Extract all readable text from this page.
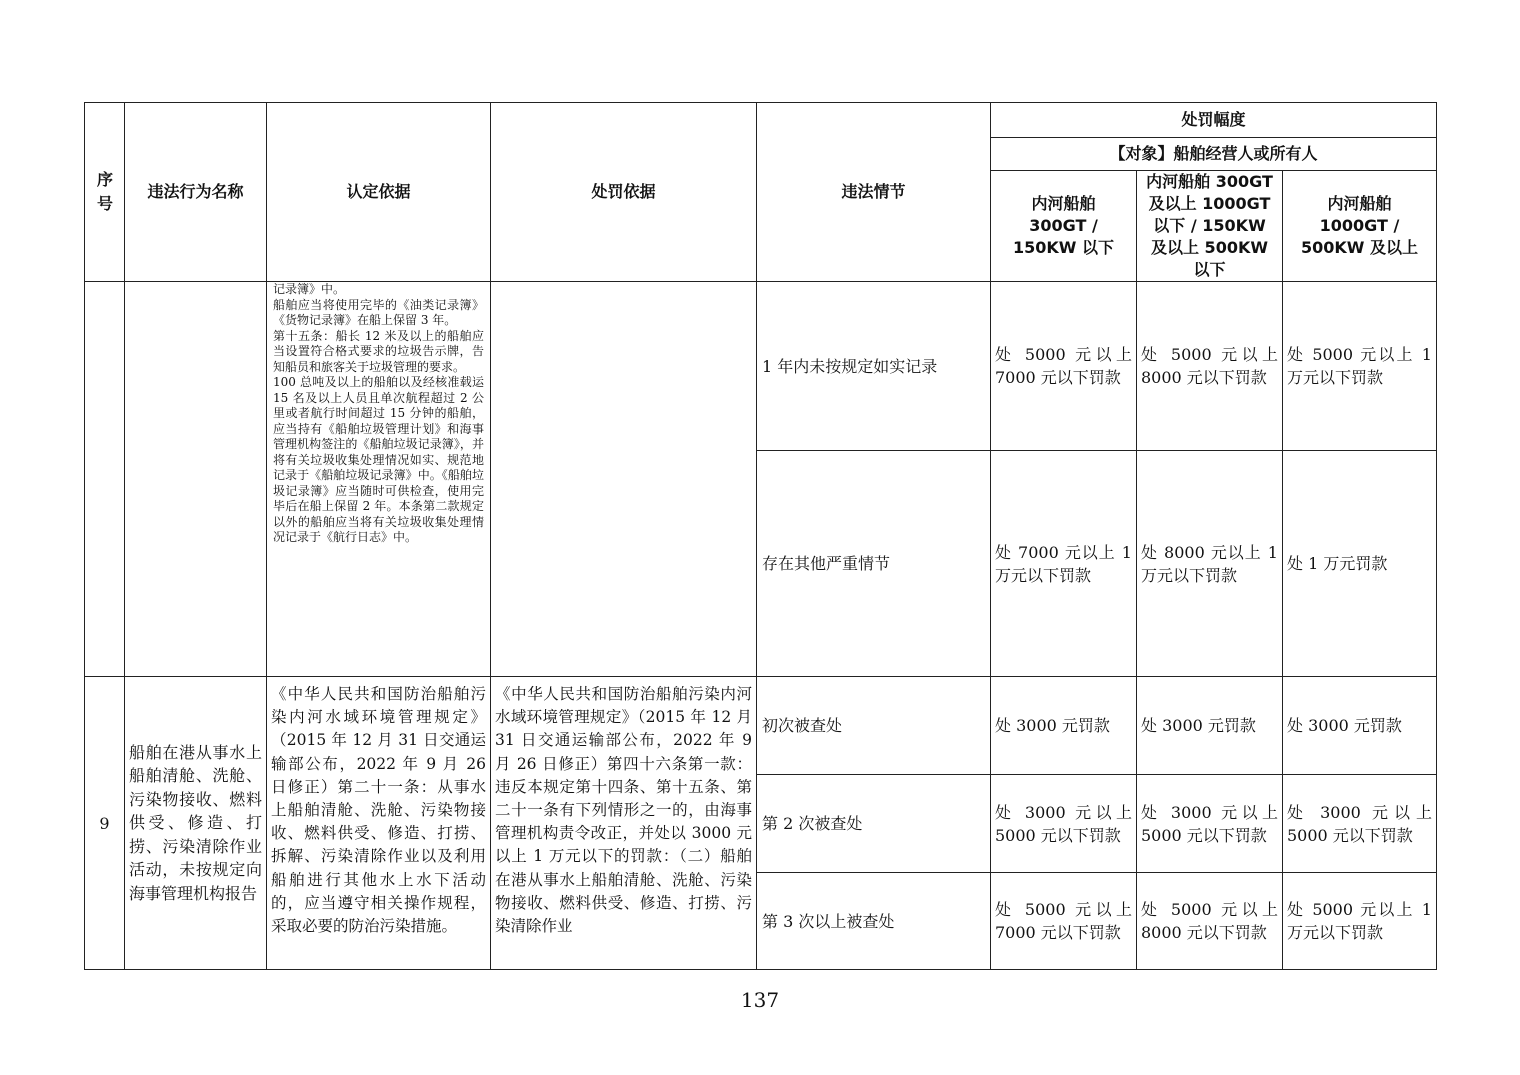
序号	违法行为名称	认定依据	处罚依据	违法情节	处罚幅度		
					【对象】船舶经营人或所有人		
					内河船舶 300GT / 150KW 以下	内河船舶 300GT 及以上 1000GT 以下 / 150KW 及以上 500KW 以下	内河船舶 1000GT / 500KW 及以上

		记录簿》中。
船舶应当将使用完毕的《油类记录簿》《货物记录簿》在船上保留 3 年。
第十五条：船长 12 米及以上的船舶应当设置符合格式要求的垃圾告示牌，告知船员和旅客关于垃圾管理的要求。
100 总吨及以上的船舶以及经核准载运 15 名及以上人员且单次航程超过 2 公里或者航行时间超过 15 分钟的船舶，应当持有《船舶垃圾管理计划》和海事管理机构签注的《船舶垃圾记录簿》，并将有关垃圾收集处理情况如实、规范地记录于《船舶垃圾记录簿》中。《船舶垃圾记录簿》应当随时可供检查，使用完毕后在船上保留 2 年。本条第二款规定以外的船舶应当将有关垃圾收集处理情况记录于《航行日志》中。		1 年内未按规定如实记录	处 5000 元以上 7000 元以下罚款	处 5000 元以上 8000 元以下罚款	处 5000 元以上 1 万元以下罚款
				存在其他严重情节	处 7000 元以上 1 万元以下罚款	处 8000 元以上 1 万元以下罚款	处 1 万元罚款
9	船舶在港从事水上船舶清舱、洗舱、污染物接收、燃料供受、修造、打捞、污染清除作业活动，未按规定向海事管理机构报告	《中华人民共和国防治船舶污染内河水域环境管理规定》（2015 年 12 月 31 日交通运输部公布，2022 年 9 月 26 日修正）第二十一条：从事水上船舶清舱、洗舱、污染物接收、燃料供受、修造、打捞、拆解、污染清除作业以及利用船舶进行其他水上水下活动的，应当遵守相关操作规程，采取必要的防治污染措施。	《中华人民共和国防治船舶污染内河水域环境管理规定》（2015 年 12 月 31 日交通运输部公布，2022 年 9 月 26 日修正）第四十六条第一款：违反本规定第十四条、第十五条、第二十一条有下列情形之一的，由海事管理机构责令改正，并处以 3000 元以上 1 万元以下的罚款：（二）船舶在港从事水上船舶清舱、洗舱、污染物接收、燃料供受、修造、打捞、污染清除作业	初次被查处	处 3000 元罚款	处 3000 元罚款	处 3000 元罚款
				第 2 次被查处	处 3000 元以上 5000 元以下罚款	处 3000 元以上 5000 元以下罚款	处 3000 元以上 5000 元以下罚款
				第 3 次以上被查处	处 5000 元以上 7000 元以下罚款	处 5000 元以上 8000 元以下罚款	处 5000 元以上 1 万元以下罚款
137
